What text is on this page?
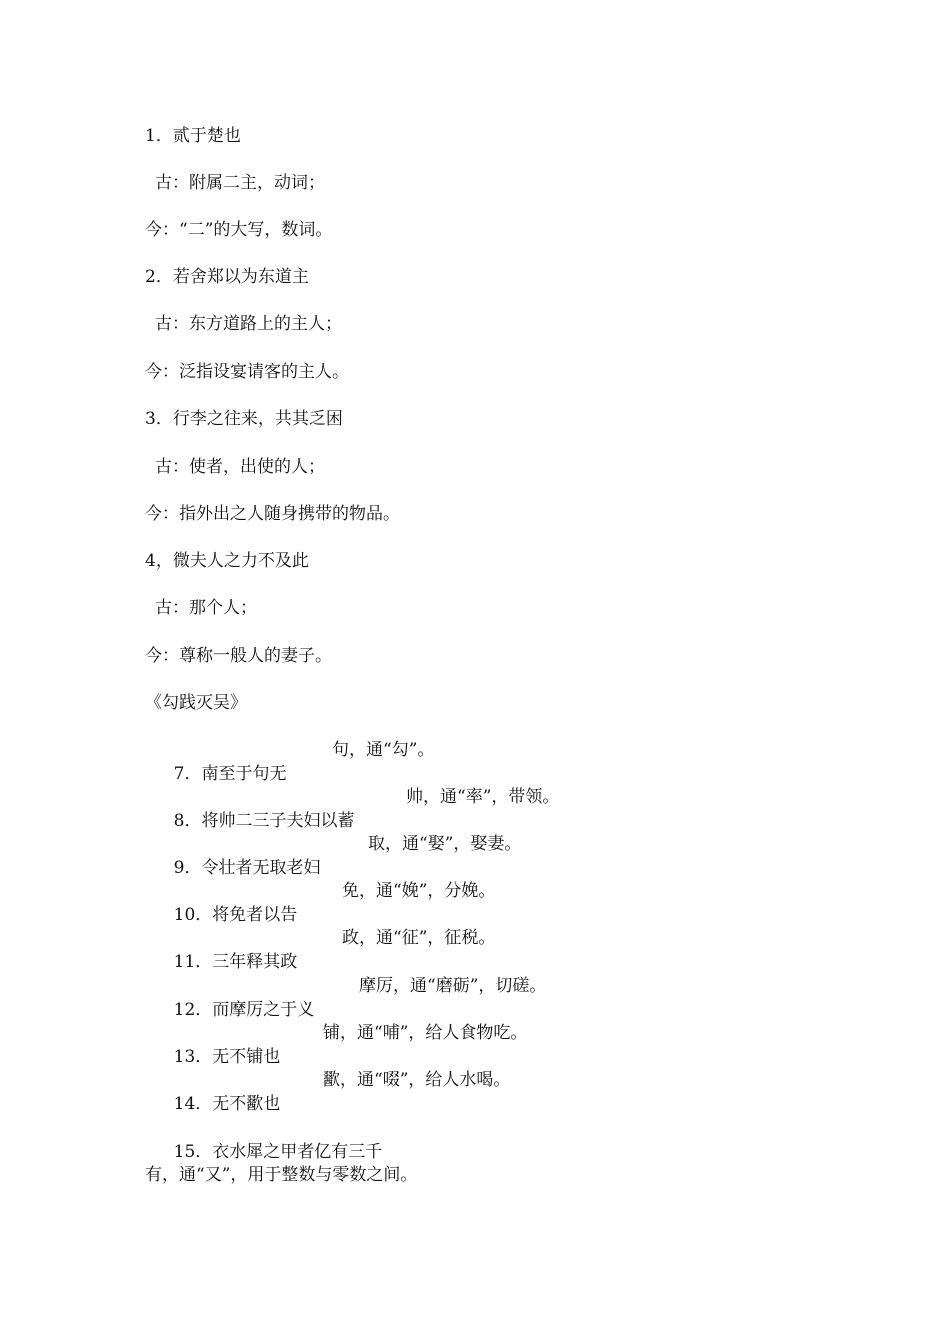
1．贰于楚也
古：附属二主，动词；
今：“二”的大写，数词。
2．若舍郑以为东道主
古：东方道路上的主人；
今：泛指设宴请客的主人。
3．行李之往来，共其乏困
古：使者，出使的人；
今：指外出之人随身携带的物品。
4，微夫人之力不及此
古：那个人；
今：尊称一般人的妻子。
《勾践灭吴》

7．南至于句无

句，通“勾”。

8．将帅二三子夫妇以蓄

帅，通“率”，带领。

9．令壮者无取老妇

取，通“娶”，娶妻。

10．将免者以告

免，通“娩”，分娩。

11．三年释其政

政，通“征”，征税。

12．而摩厉之于义

摩厉，通“磨砺”，切磋。

13．无不铺也

铺，通“哺”，给人食物吃。

14．无不歠也

歠，通“啜”，给人水喝。

15．衣水犀之甲者亿有三千

有，通“又”，用于整数与零数之间。
